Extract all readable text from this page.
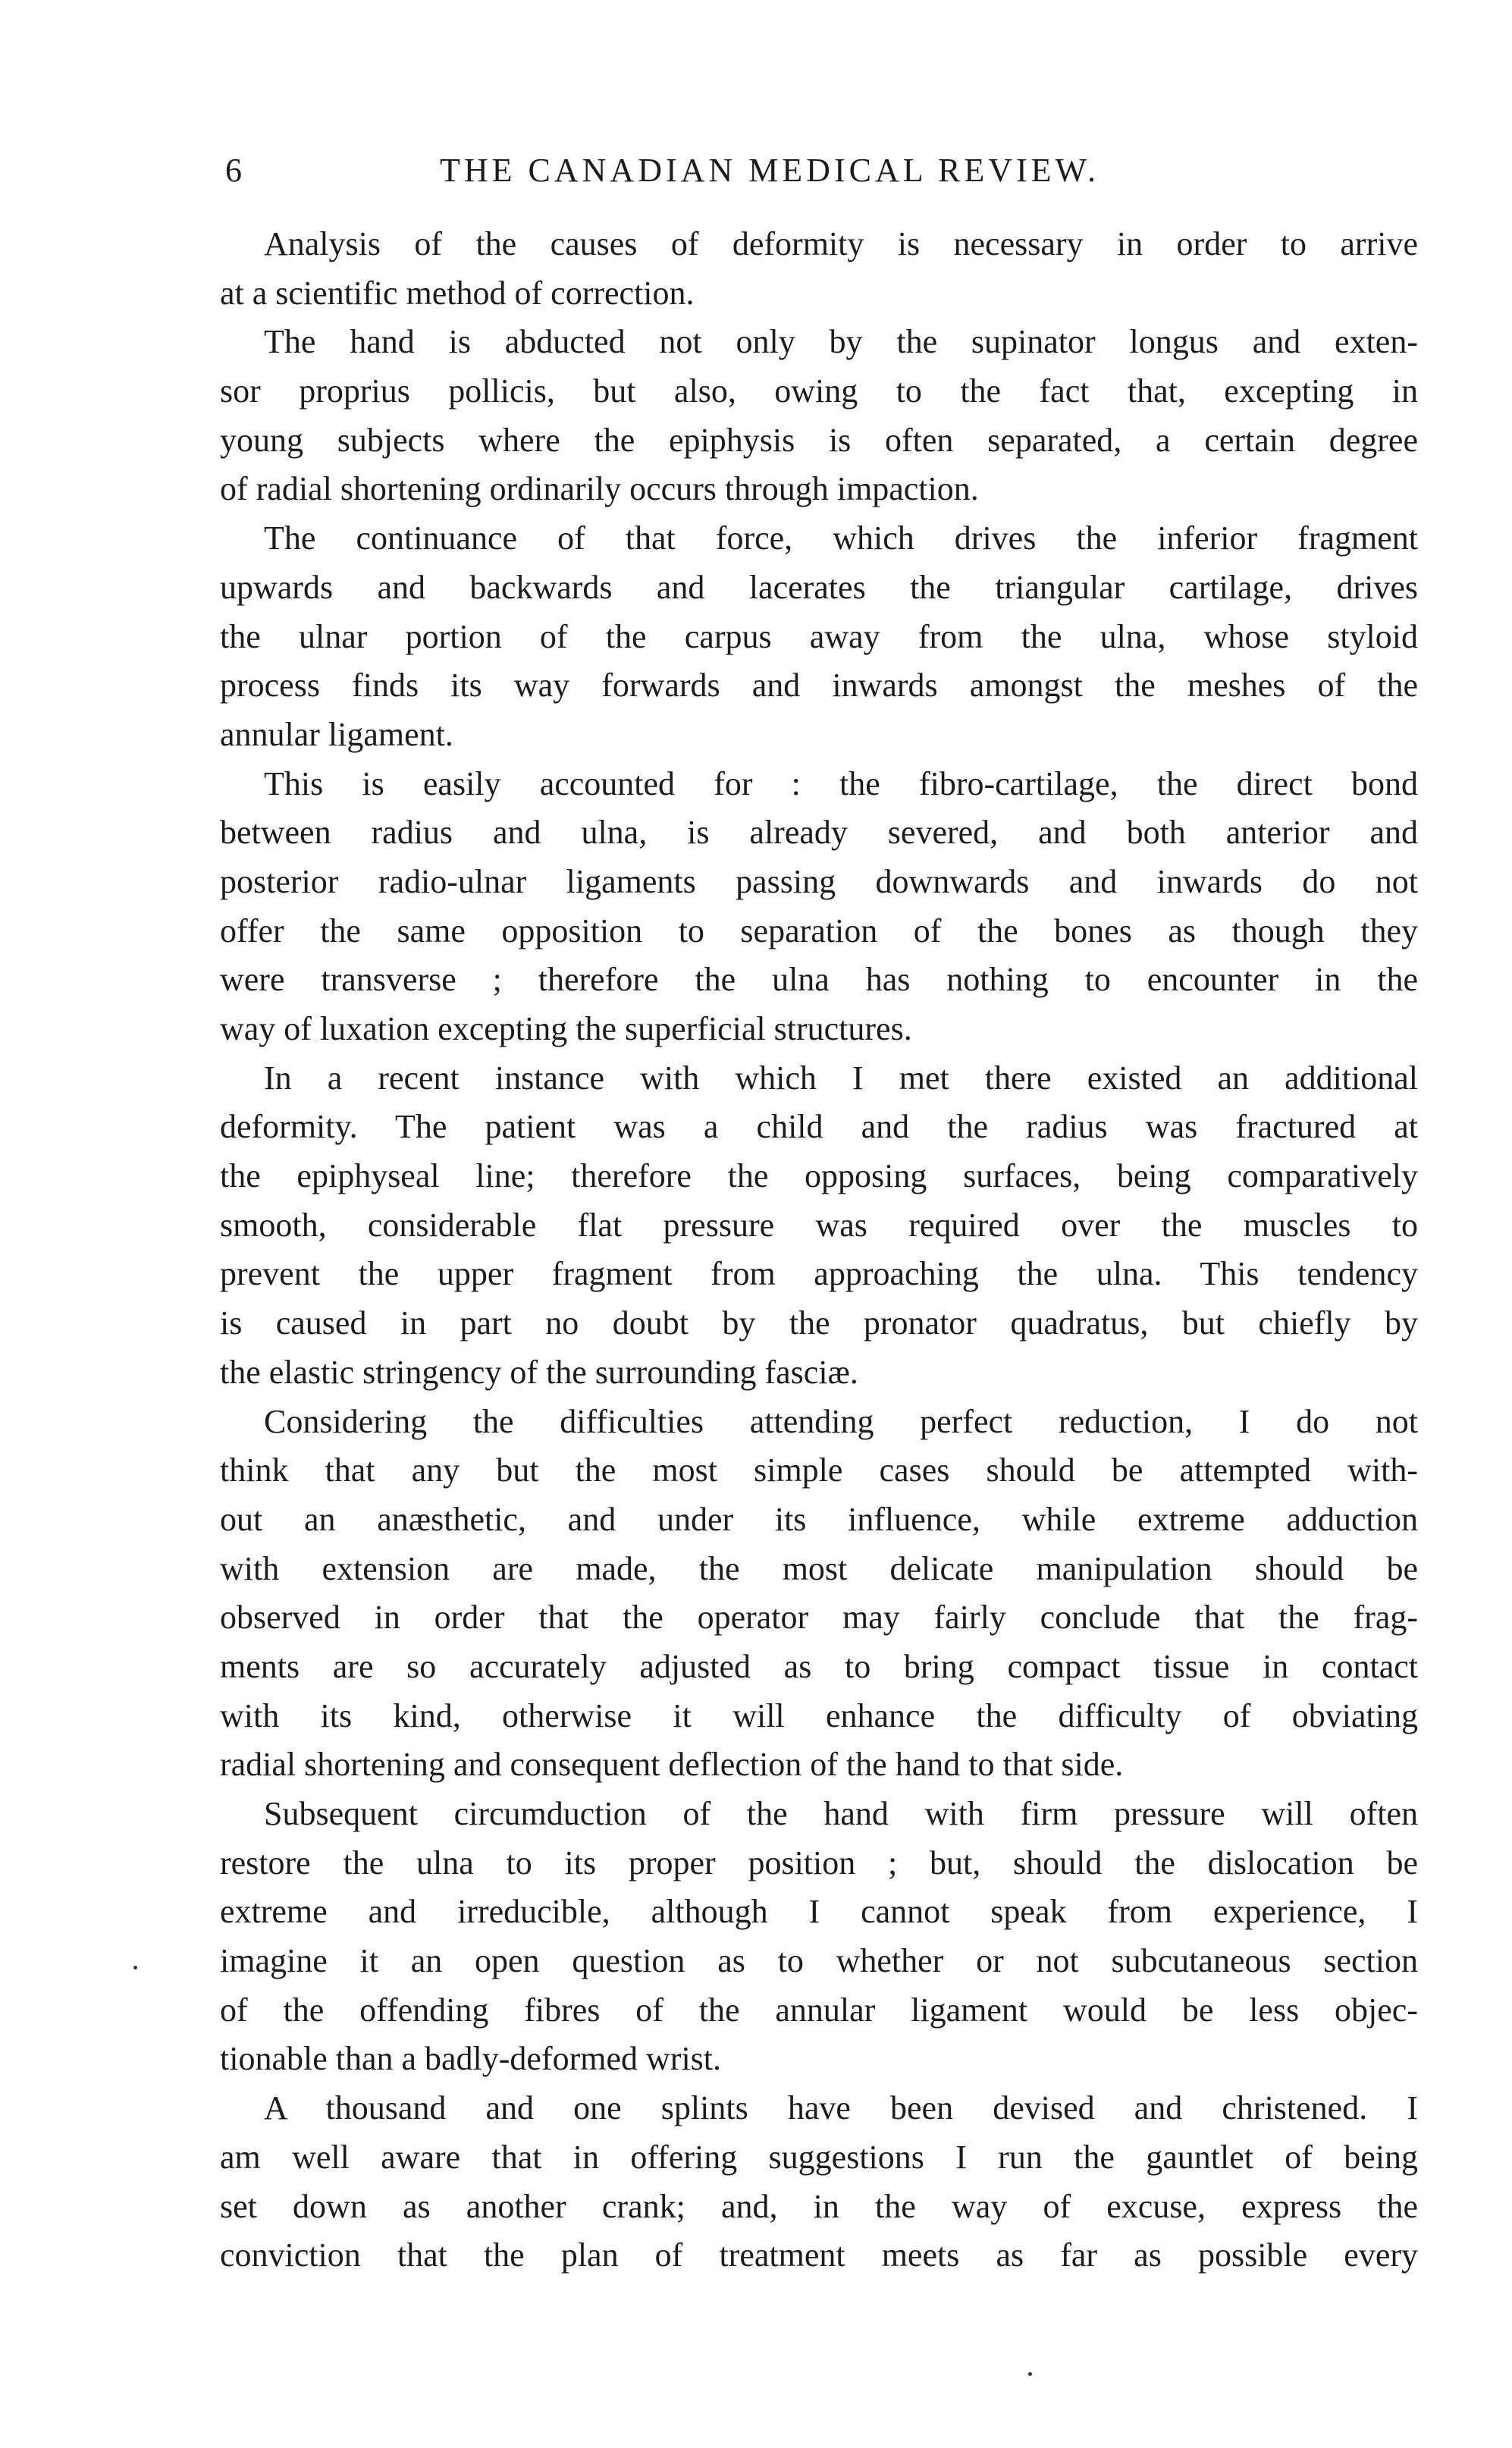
6	THE CANADIAN MEDICAL REVIEW.

Analysis of the causes of deformity is necessary in order to arrive
at a scientific method of correction.

The hand is abducted not only by the supinator longus and exten-
sor proprius pollicis, but also, owing to the fact that, excepting in
young subjects where the epiphysis is often separated, a certain degree
of radial shortening ordinarily occurs through impaction.

The continuance of that force, which drives the inferior fragment
upwards and backwards and lacerates the triangular cartilage, drives
the ulnar portion of the carpus away from the ulna, whose styloid
process finds its way forwards and inwards amongst the meshes of the
annular ligament.

This is easily accounted for : the fibro-cartilage, the direct bond
between radius and ulna, is already severed, and both anterior and
posterior radio-ulnar ligaments passing downwards and inwards do not
offer the same opposition to separation of the bones as though they
were transverse ; therefore the ulna has nothing to encounter in the
way of luxation excepting the superficial structures.

In a recent instance with which I met there existed an additional
deformity. The patient was a child and the radius was fractured at
the epiphyseal line; therefore the opposing surfaces, being comparatively
smooth, considerable flat pressure was required over the muscles to
prevent the upper fragment from approaching the ulna. This tendency
is caused in part no doubt by the pronator quadratus, but chiefly by
the elastic stringency of the surrounding fasciæ.

Considering the difficulties attending perfect reduction, I do not
think that any but the most simple cases should be attempted with-
out an anæsthetic, and under its influence, while extreme adduction
with extension are made, the most delicate manipulation should be
observed in order that the operator may fairly conclude that the frag-
ments are so accurately adjusted as to bring compact tissue in contact
with its kind, otherwise it will enhance the difficulty of obviating
radial shortening and consequent deflection of the hand to that side.

Subsequent circumduction of the hand with firm pressure will often
restore the ulna to its proper position ; but, should the dislocation be
extreme and irreducible, although I cannot speak from experience, I
imagine it an open question as to whether or not subcutaneous section
of the offending fibres of the annular ligament would be less objec-
tionable than a badly-deformed wrist.

A thousand and one splints have been devised and christened. I
am well aware that in offering suggestions I run the gauntlet of being
set down as another crank; and, in the way of excuse, express the
conviction that the plan of treatment meets as far as possible every
